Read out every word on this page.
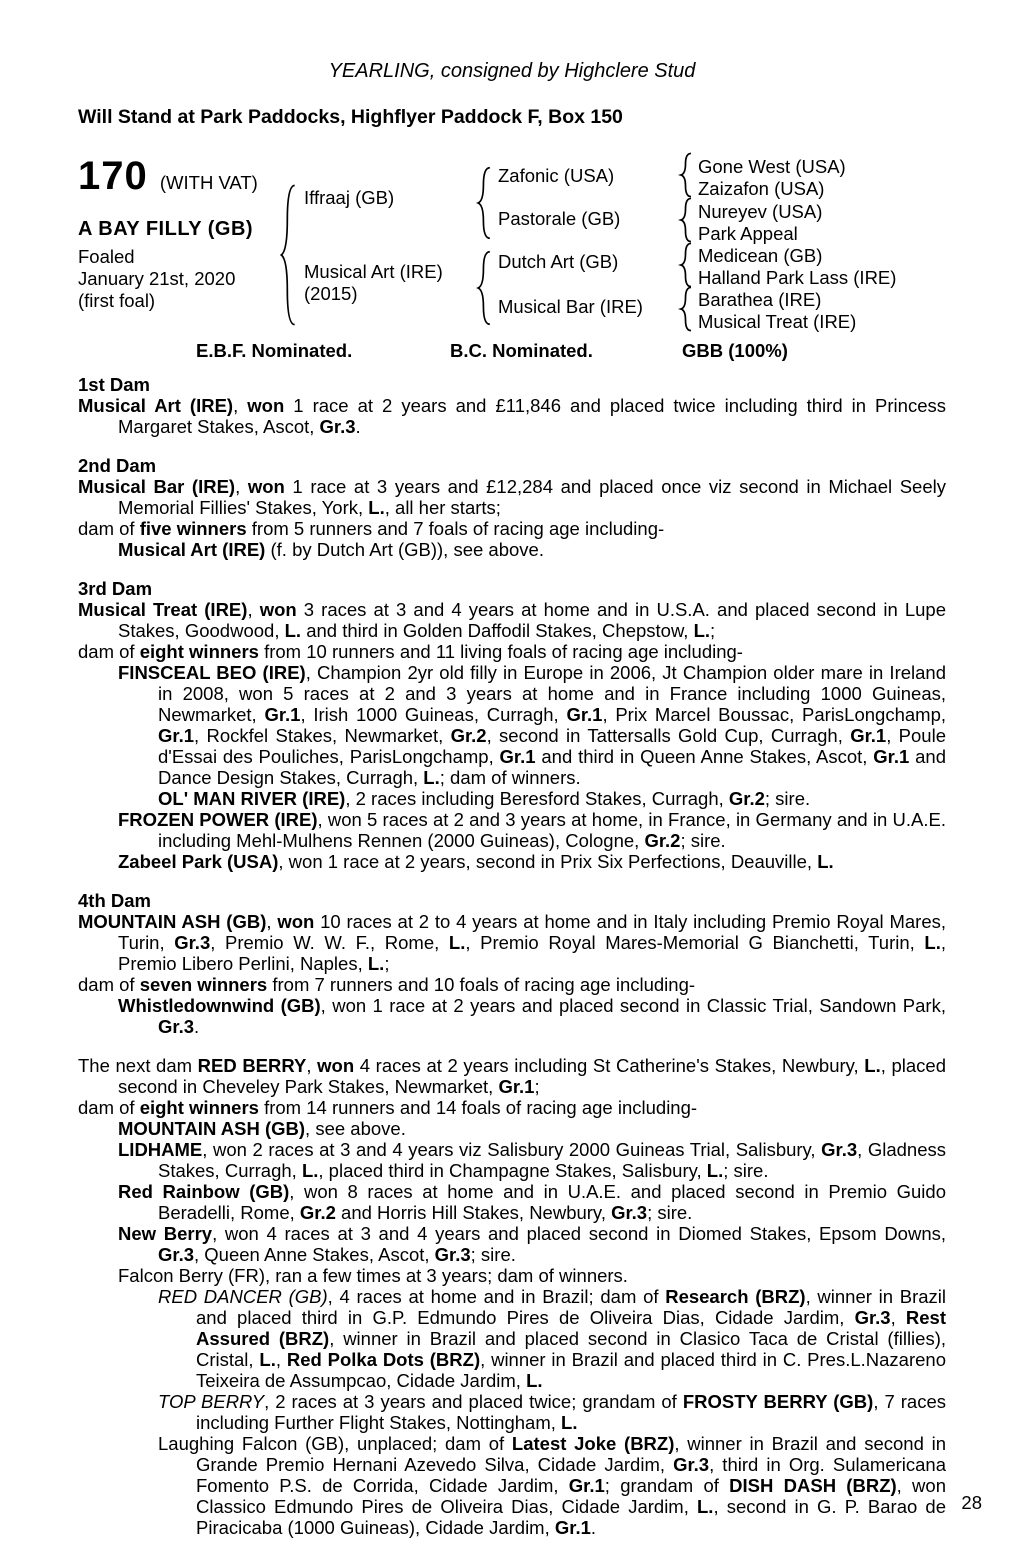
YEARLING, consigned by Highclere Stud
Will Stand at Park Paddocks, Highflyer Paddock F, Box 150
170 (WITH VAT)
A BAY FILLY (GB)
Foaled
January 21st, 2020
(first foal)
Iffraaj (GB)
Musical Art (IRE)
(2015)
Zafonic (USA)
Pastorale (GB)
Dutch Art (GB)
Musical Bar (IRE)
Gone West (USA)
Zaizafon (USA)
Nureyev (USA)
Park Appeal
Medicean (GB)
Halland Park Lass (IRE)
Barathea (IRE)
Musical Treat (IRE)
E.B.F. Nominated.	B.C. Nominated.	GBB (100%)
1st Dam

Musical Art (IRE), won 1 race at 2 years and £11,846 and placed twice including third in Princess Margaret Stakes, Ascot, Gr.3.

2nd Dam

Musical Bar (IRE), won 1 race at 3 years and £12,284 and placed once viz second in Michael Seely Memorial Fillies' Stakes, York, L., all her starts;

dam of five winners from 5 runners and 7 foals of racing age including-

Musical Art (IRE) (f. by Dutch Art (GB)), see above.

3rd Dam

Musical Treat (IRE), won 3 races at 3 and 4 years at home and in U.S.A. and placed second in Lupe Stakes, Goodwood, L. and third in Golden Daffodil Stakes, Chepstow, L.;

dam of eight winners from 10 runners and 11 living foals of racing age including-

FINSCEAL BEO (IRE), Champion 2yr old filly in Europe in 2006, Jt Champion older mare in Ireland in 2008, won 5 races at 2 and 3 years at home and in France including 1000 Guineas, Newmarket, Gr.1, Irish 1000 Guineas, Curragh, Gr.1, Prix Marcel Boussac, ParisLongchamp, Gr.1, Rockfel Stakes, Newmarket, Gr.2, second in Tattersalls Gold Cup, Curragh, Gr.1, Poule d'Essai des Pouliches, ParisLongchamp, Gr.1 and third in Queen Anne Stakes, Ascot, Gr.1 and Dance Design Stakes, Curragh, L.; dam of winners.

OL' MAN RIVER (IRE), 2 races including Beresford Stakes, Curragh, Gr.2; sire.

FROZEN POWER (IRE), won 5 races at 2 and 3 years at home, in France, in Germany and in U.A.E. including Mehl-Mulhens Rennen (2000 Guineas), Cologne, Gr.2; sire.

Zabeel Park (USA), won 1 race at 2 years, second in Prix Six Perfections, Deauville, L.

4th Dam

MOUNTAIN ASH (GB), won 10 races at 2 to 4 years at home and in Italy including Premio Royal Mares, Turin, Gr.3, Premio W. W. F., Rome, L., Premio Royal Mares-Memorial G Bianchetti, Turin, L., Premio Libero Perlini, Naples, L.;

dam of seven winners from 7 runners and 10 foals of racing age including-

Whistledownwind (GB), won 1 race at 2 years and placed second in Classic Trial, Sandown Park, Gr.3.

The next dam RED BERRY, won 4 races at 2 years including St Catherine's Stakes, Newbury, L., placed second in Cheveley Park Stakes, Newmarket, Gr.1;

dam of eight winners from 14 runners and 14 foals of racing age including-

MOUNTAIN ASH (GB), see above.

LIDHAME, won 2 races at 3 and 4 years viz Salisbury 2000 Guineas Trial, Salisbury, Gr.3, Gladness Stakes, Curragh, L., placed third in Champagne Stakes, Salisbury, L.; sire.

Red Rainbow (GB), won 8 races at home and in U.A.E. and placed second in Premio Guido Beradelli, Rome, Gr.2 and Horris Hill Stakes, Newbury, Gr.3; sire.

New Berry, won 4 races at 3 and 4 years and placed second in Diomed Stakes, Epsom Downs, Gr.3, Queen Anne Stakes, Ascot, Gr.3; sire.

Falcon Berry (FR), ran a few times at 3 years; dam of winners.

RED DANCER (GB), 4 races at home and in Brazil; dam of Research (BRZ), winner in Brazil and placed third in G.P. Edmundo Pires de Oliveira Dias, Cidade Jardim, Gr.3, Rest Assured (BRZ), winner in Brazil and placed second in Clasico Taca de Cristal (fillies), Cristal, L., Red Polka Dots (BRZ), winner in Brazil and placed third in C. Pres.L.Nazareno Teixeira de Assumpcao, Cidade Jardim, L.

TOP BERRY, 2 races at 3 years and placed twice; grandam of FROSTY BERRY (GB), 7 races including Further Flight Stakes, Nottingham, L.

Laughing Falcon (GB), unplaced; dam of Latest Joke (BRZ), winner in Brazil and second in Grande Premio Hernani Azevedo Silva, Cidade Jardim, Gr.3, third in Org. Sulamericana Fomento P.S. de Corrida, Cidade Jardim, Gr.1; grandam of DISH DASH (BRZ), won Classico Edmundo Pires de Oliveira Dias, Cidade Jardim, L., second in G. P. Barao de Piracicaba (1000 Guineas), Cidade Jardim, Gr.1.

28
